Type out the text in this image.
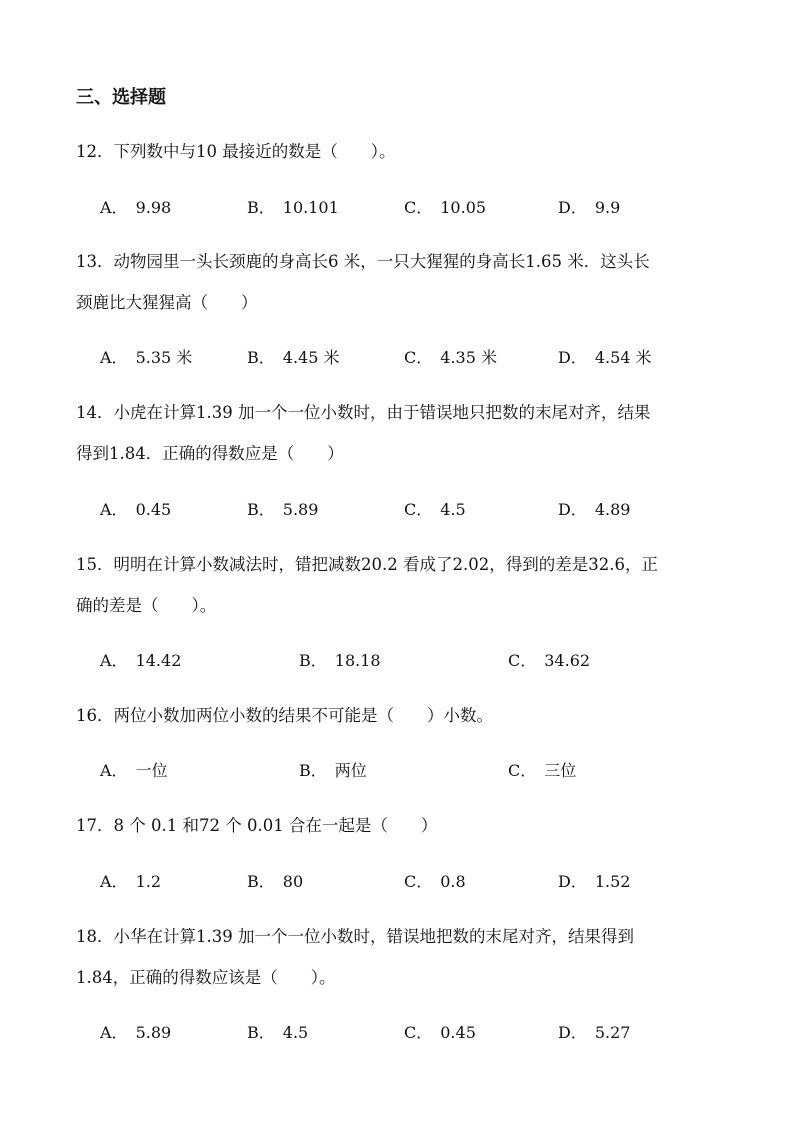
三、选择题
12．下列数中与10 最接近的数是（　　）。
A． 9.98	B． 10.101	C． 10.05	D． 9.9
13．动物园里一头长颈鹿的身高长6 米，一只大猩猩的身高长1.65 米．这头长
颈鹿比大猩猩高（　　）
A． 5.35 米	B． 4.45 米	C． 4.35 米	D． 4.54 米
14．小虎在计算1.39 加一个一位小数时，由于错误地只把数的末尾对齐，结果
得到1.84．正确的得数应是（　　）
A． 0.45	B． 5.89	C． 4.5	D． 4.89
15．明明在计算小数减法时，错把减数20.2 看成了2.02，得到的差是32.6，正
确的差是（　　）。
A． 14.42	B． 18.18	C． 34.62
16．两位小数加两位小数的结果不可能是（　　）小数。
A． 一位	B． 两位	C． 三位
17．8 个 0.1 和72 个 0.01 合在一起是（　　）
A． 1.2	B． 80	C． 0.8	D． 1.52
18．小华在计算1.39 加一个一位小数时，错误地把数的末尾对齐，结果得到
1.84，正确的得数应该是（　　）。
A． 5.89	B． 4.5	C． 0.45	D． 5.27
